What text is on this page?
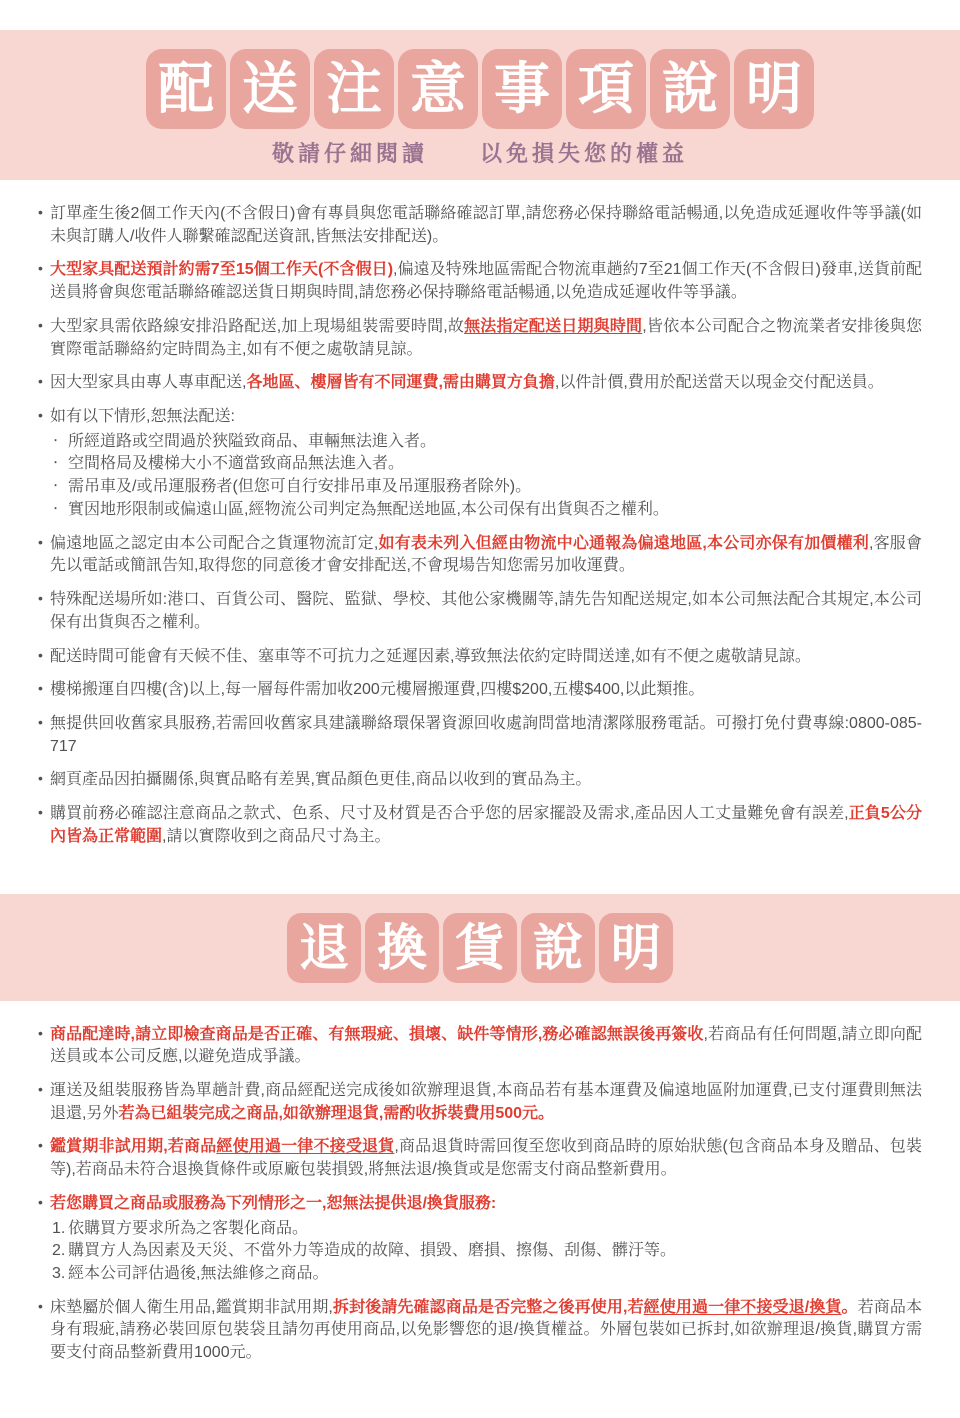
配 送 注 意 事 項 說 明
敬請仔細閱讀　　以免損失您的權益
• 訂單產生後2個工作天內(不含假日)會有專員與您電話聯絡確認訂單,請您務必保持聯絡電話暢通,以免造成延遲收件等爭議(如未與訂購人/收件人聯繫確認配送資訊,皆無法安排配送)。
• 大型家具配送預計約需7至15個工作天(不含假日),偏遠及特殊地區需配合物流車趟約7至21個工作天(不含假日)發車,送貨前配送員將會與您電話聯絡確認送貨日期與時間,請您務必保持聯絡電話暢通,以免造成延遲收件等爭議。
• 大型家具需依路線安排沿路配送,加上現場組裝需要時間,故無法指定配送日期與時間,皆依本公司配合之物流業者安排後與您實際電話聯絡約定時間為主,如有不便之處敬請見諒。
• 因大型家具由專人專車配送,各地區、樓層皆有不同運費,需由購買方負擔,以件計價,費用於配送當天以現金交付配送員。
• 如有以下情形,恕無法配送:
‧ 所經道路或空間過於狹隘致商品、車輛無法進入者。
‧ 空間格局及樓梯大小不適當致商品無法進入者。
‧ 需吊車及/或吊運服務者(但您可自行安排吊車及吊運服務者除外)。
‧ 實因地形限制或偏遠山區,經物流公司判定為無配送地區,本公司保有出貨與否之權利。
• 偏遠地區之認定由本公司配合之貨運物流訂定,如有表未列入但經由物流中心通報為偏遠地區,本公司亦保有加價權利,客服會先以電話或簡訊告知,取得您的同意後才會安排配送,不會現場告知您需另加收運費。
• 特殊配送場所如:港口、百貨公司、醫院、監獄、學校、其他公家機關等,請先告知配送規定,如本公司無法配合其規定,本公司保有出貨與否之權利。
• 配送時間可能會有天候不佳、塞車等不可抗力之延遲因素,導致無法依約定時間送達,如有不便之處敬請見諒。
• 樓梯搬運自四樓(含)以上,每一層每件需加收200元樓層搬運費,四樓$200,五樓$400,以此類推。
• 無提供回收舊家具服務,若需回收舊家具建議聯絡環保署資源回收處詢問當地清潔隊服務電話。可撥打免付費專線:0800-085-717
• 網頁產品因拍攝關係,與實品略有差異,實品顏色更佳,商品以收到的實品為主。
• 購買前務必確認注意商品之款式、色系、尺寸及材質是否合乎您的居家擺設及需求,產品因人工丈量難免會有誤差,正負5公分內皆為正常範圍,請以實際收到之商品尺寸為主。
退 換 貨 說 明
• 商品配達時,請立即檢查商品是否正確、有無瑕疵、損壞、缺件等情形,務必確認無誤後再簽收,若商品有任何問題,請立即向配送員或本公司反應,以避免造成爭議。
• 運送及組裝服務皆為單趟計費,商品經配送完成後如欲辦理退貨,本商品若有基本運費及偏遠地區附加運費,已支付運費則無法退還,另外若為已組裝完成之商品,如欲辦理退貨,需酌收拆裝費用500元。
• 鑑賞期非試用期,若商品經使用過一律不接受退貨,商品退貨時需回復至您收到商品時的原始狀態(包含商品本身及贈品、包裝等),若商品未符合退換貨條件或原廠包裝損毀,將無法退/換貨或是您需支付商品整新費用。
• 若您購買之商品或服務為下列情形之一,恕無法提供退/換貨服務:
依購買方要求所為之客製化商品。
購買方人為因素及天災、不當外力等造成的故障、損毀、磨損、擦傷、刮傷、髒汙等。
經本公司評估過後,無法維修之商品。
• 床墊屬於個人衛生用品,鑑賞期非試用期,拆封後請先確認商品是否完整之後再使用,若經使用過一律不接受退/換貨。若商品本身有瑕疵,請務必裝回原包裝袋且請勿再使用商品,以免影響您的退/換貨權益。外層包裝如已拆封,如欲辦理退/換貨,購買方需要支付商品整新費用1000元。
